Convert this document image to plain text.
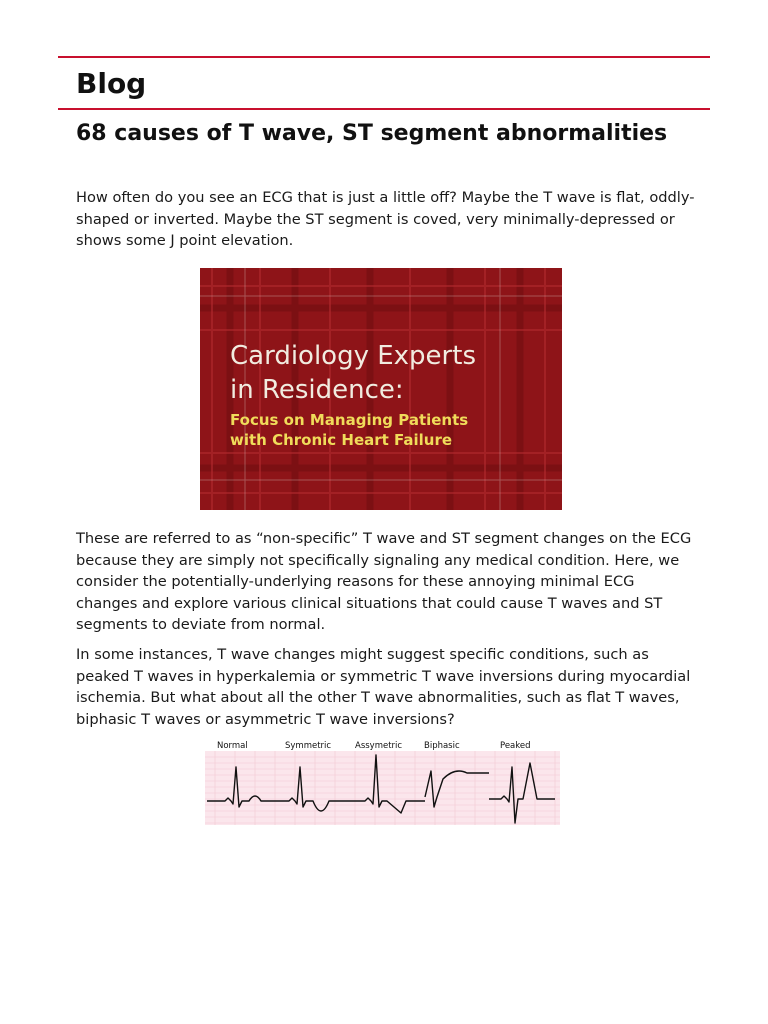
Blog
68 causes of T wave, ST segment abnormalities

How often do you see an ECG that is just a little off? Maybe the T wave is flat, oddly-shaped or inverted. Maybe the ST segment is coved, very minimally-depressed or shows some J point elevation.

Cardiology Experts
in Residence:
Focus on Managing Patients
with Chronic Heart Failure

These are referred to as “non-specific” T wave and ST segment changes on the ECG because they are simply not specifically signaling any medical condition. Here, we consider the potentially-underlying reasons for these annoying minimal ECG changes and explore various clinical situations that could cause T waves and ST segments to deviate from normal.

In some instances, T wave changes might suggest specific conditions, such as peaked T waves in hyperkalemia or symmetric T wave inversions during myocardial ischemia. But what about all the other T wave abnormalities, such as flat T waves, biphasic T waves or asymmetric T wave inversions?

Normal	Symmetric	Assymetric	Biphasic	Peaked
